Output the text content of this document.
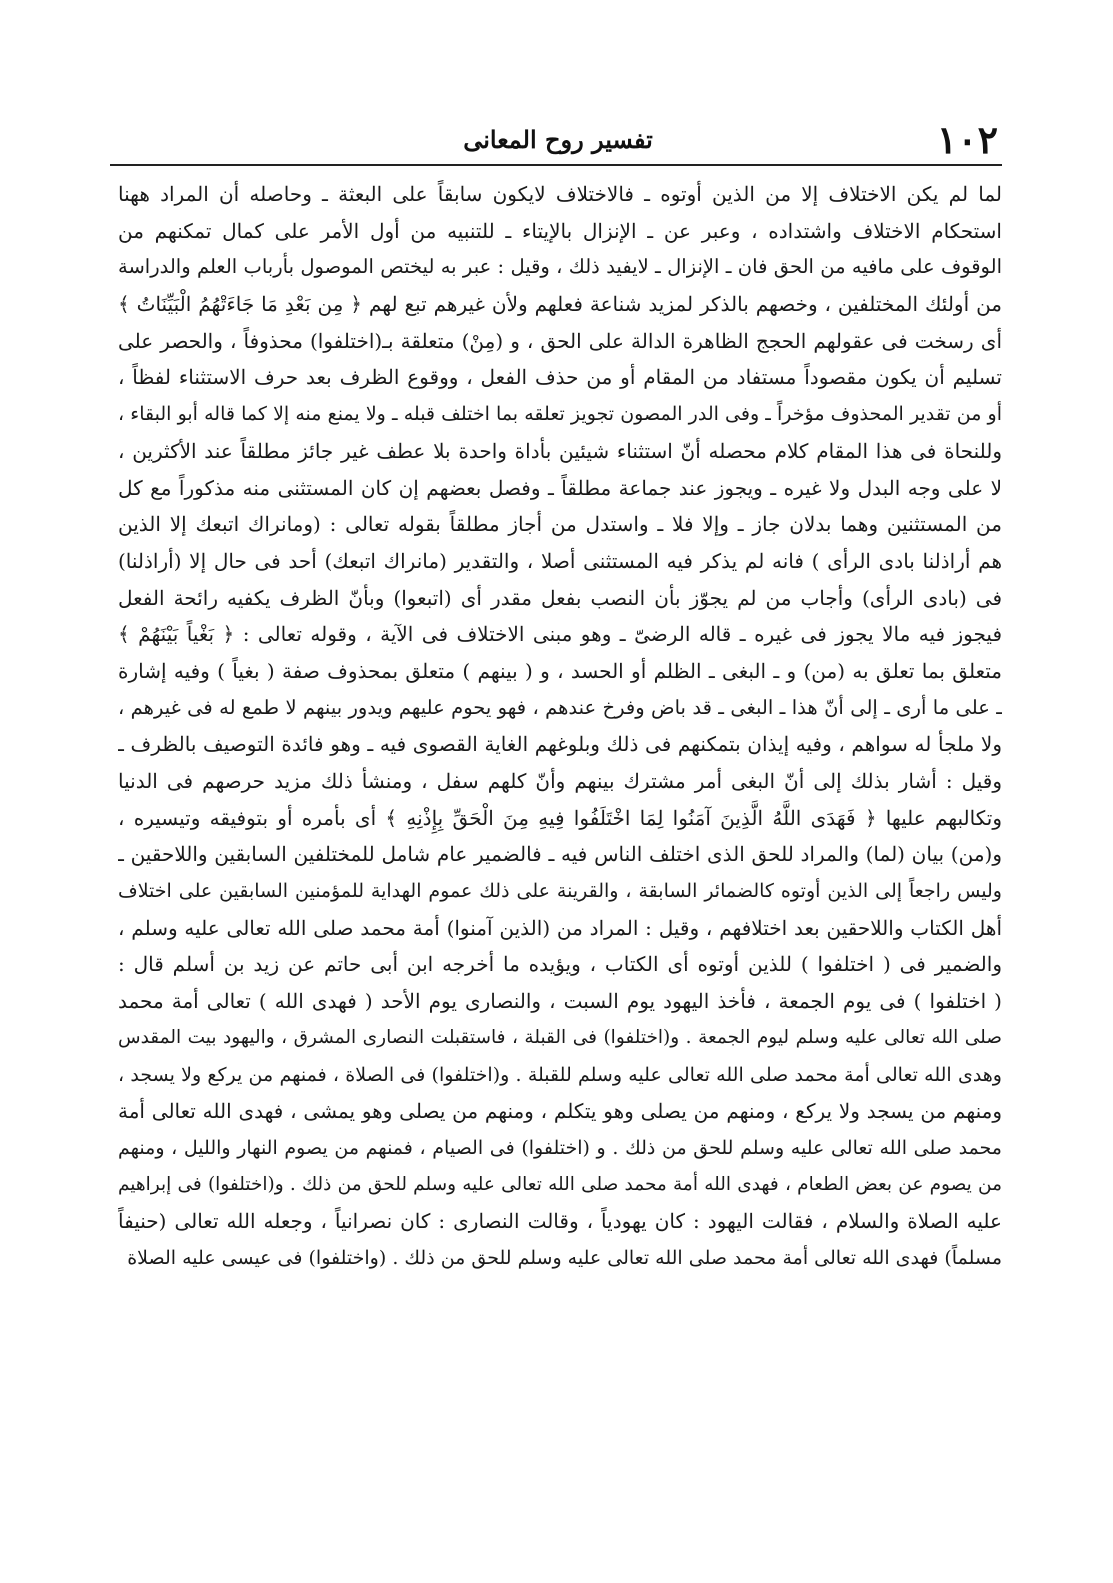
١٠٢
تفسير روح المعانى
لما لم يكن الاختلاف إلا من الذين أوتوه ـ فالاختلاف لايكون سابقاً على البعثة ـ وحاصله أن المراد ههنا
استحكام الاختلاف واشتداده ، وعبر عن ـ الإنزال بالإيتاء ـ للتنبيه من أول الأمر على كمال تمكنهم من
الوقوف على مافيه من الحق فان ـ الإنزال ـ لايفيد ذلك ، وقيل : عبر به ليختص الموصول بأرباب العلم والدراسة
من أولئك المختلفين ، وخصهم بالذكر لمزيد شناعة فعلهم ولأن غيرهم تبع لهم ﴿ مِن بَعْدِ مَا جَاءَتْهُمُ الْبَيِّنَاتُ ﴾
أى رسخت فى عقولهم الحجج الظاهرة الدالة على الحق ، و (مِنْ) متعلقة بـ(اختلفوا) محذوفاً ، والحصر على
تسليم أن يكون مقصوداً مستفاد من المقام أو من حذف الفعل ، ووقوع الظرف بعد حرف الاستثناء لفظاً ،
أو من تقدير المحذوف مؤخراً ـ وفى الدر المصون تجويز تعلقه بما اختلف قبله ـ ولا يمنع منه إلا كما قاله أبو البقاء ،
وللنحاة فى هذا المقام كلام محصله أنّ استثناء شيئين بأداة واحدة بلا عطف غير جائز مطلقاً عند الأكثرين ،
لا على وجه البدل ولا غيره ـ ويجوز عند جماعة مطلقاً ـ وفصل بعضهم إن كان المستثنى منه مذكوراً مع كل
من المستثنين وهما بدلان جاز ـ وإلا فلا ـ واستدل من أجاز مطلقاً بقوله تعالى : (ومانراك اتبعك إلا الذين
هم أراذلنا بادى الرأى ) فانه لم يذكر فيه المستثنى أصلا ، والتقدير (مانراك اتبعك) أحد فى حال إلا (أراذلنا)
فى (بادى الرأى) وأجاب من لم يجوّز بأن النصب بفعل مقدر أى (اتبعوا) وبأنّ الظرف يكفيه رائحة الفعل
فيجوز فيه مالا يجوز فى غيره ـ قاله الرضىّ ـ وهو مبنى الاختلاف فى الآية ، وقوله تعالى : ﴿ بَغْياً بَيْنَهُمْ ﴾
متعلق بما تعلق به (من) و ـ البغى ـ الظلم أو الحسد ، و ( بينهم ) متعلق بمحذوف صفة ( بغياً ) وفيه إشارة
ـ على ما أرى ـ إلى أنّ هذا ـ البغى ـ قد باض وفرخ عندهم ، فهو يحوم عليهم ويدور بينهم لا طمع له فى غيرهم ،
ولا ملجأ له سواهم ، وفيه إيذان بتمكنهم فى ذلك وبلوغهم الغاية القصوى فيه ـ وهو فائدة التوصيف بالظرف ـ
وقيل : أشار بذلك إلى أنّ البغى أمر مشترك بينهم وأنّ كلهم سفل ، ومنشأ ذلك مزيد حرصهم فى الدنيا
وتكالبهم عليها ﴿ فَهَدَى اللَّهُ الَّذِينَ آمَنُوا لِمَا اخْتَلَفُوا فِيهِ مِنَ الْحَقِّ بِإِذْنِهِ ﴾ أى بأمره أو بتوفيقه وتيسيره ،
و(من) بيان (لما) والمراد للحق الذى اختلف الناس فيه ـ فالضمير عام شامل للمختلفين السابقين واللاحقين ـ
وليس راجعاً إلى الذين أوتوه كالضمائر السابقة ، والقرينة على ذلك عموم الهداية للمؤمنين السابقين على اختلاف
أهل الكتاب واللاحقين بعد اختلافهم ، وقيل : المراد من (الذين آمنوا) أمة محمد صلى الله تعالى عليه وسلم ،
والضمير فى ( اختلفوا ) للذين أوتوه أى الكتاب ، ويؤيده ما أخرجه ابن أبى حاتم عن زيد بن أسلم قال :
( اختلفوا ) فى يوم الجمعة ، فأخذ اليهود يوم السبت ، والنصارى يوم الأحد ( فهدى الله ) تعالى أمة محمد
صلى الله تعالى عليه وسلم ليوم الجمعة . و(اختلفوا) فى القبلة ، فاستقبلت النصارى المشرق ، واليهود بيت المقدس
وهدى الله تعالى أمة محمد صلى الله تعالى عليه وسلم للقبلة . و(اختلفوا) فى الصلاة ، فمنهم من يركع ولا يسجد ،
ومنهم من يسجد ولا يركع ، ومنهم من يصلى وهو يتكلم ، ومنهم من يصلى وهو يمشى ، فهدى الله تعالى أمة
محمد صلى الله تعالى عليه وسلم للحق من ذلك . و (اختلفوا) فى الصيام ، فمنهم من يصوم النهار والليل ، ومنهم
من يصوم عن بعض الطعام ، فهدى الله أمة محمد صلى الله تعالى عليه وسلم للحق من ذلك . و(اختلفوا) فى إبراهيم
عليه الصلاة والسلام ، فقالت اليهود : كان يهودياً ، وقالت النصارى : كان نصرانياً ، وجعله الله تعالى (حنيفاً
مسلماً) فهدى الله تعالى أمة محمد صلى الله تعالى عليه وسلم للحق من ذلك . (واختلفوا) فى عيسى عليه الصلاة
